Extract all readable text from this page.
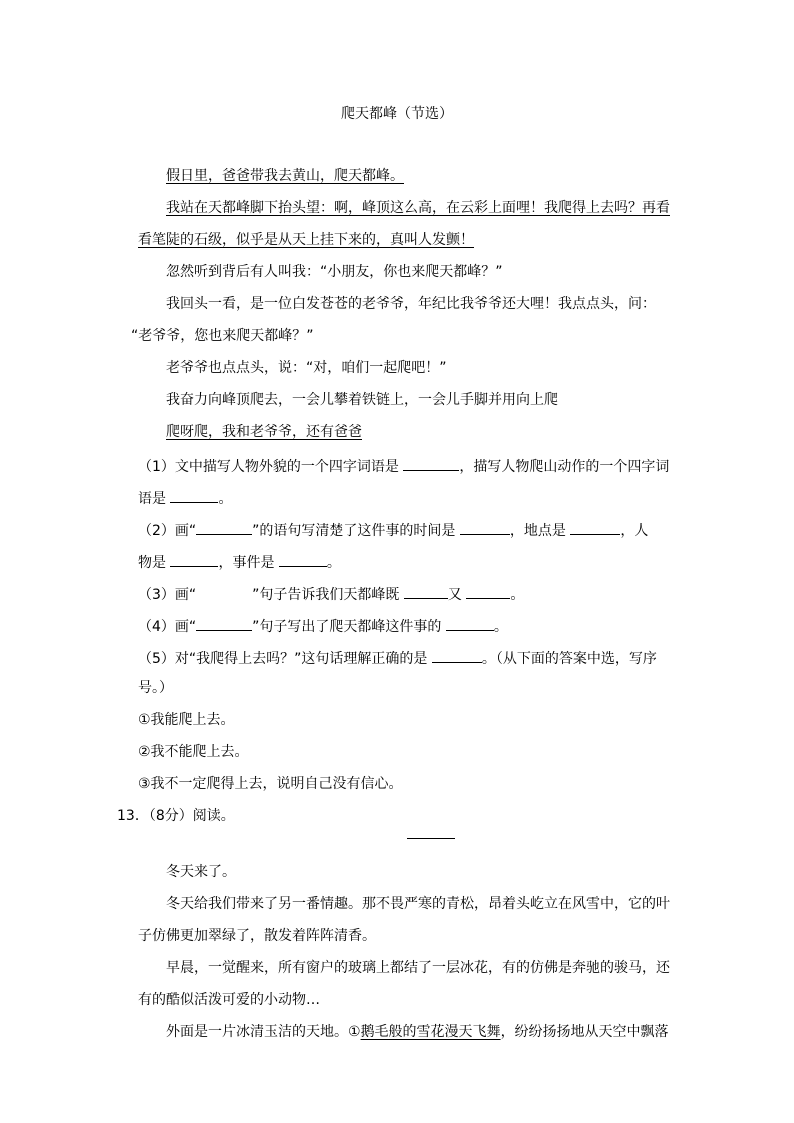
爬天都峰（节选）
假日里，爸爸带我去黄山，爬天都峰。
我站在天都峰脚下抬头望：啊，峰顶这么高，在云彩上面哩！我爬得上去吗？再看
看笔陡的石级，似乎是从天上挂下来的，真叫人发颤！
忽然听到背后有人叫我：“小朋友，你也来爬天都峰？”
我回头一看，是一位白发苍苍的老爷爷，年纪比我爷爷还大哩！我点点头，问：
“老爷爷，您也来爬天都峰？”
老爷爷也点点头，说：“对，咱们一起爬吧！”
我奋力向峰顶爬去，一会儿攀着铁链上，一会儿手脚并用向上爬
爬呀爬，我和老爷爷，还有爸爸
（1）文中描写人物外貌的一个四字词语是	，描写人物爬山动作的一个四字词
语是	。
（2）画“	”的语句写清楚了这件事的时间是	，地点是	，人
物是	，事件是	。
（3）画“	”句子告诉我们天都峰既	又	。
（4）画“	”句子写出了爬天都峰这件事的	。
（5）对“我爬得上去吗？”这句话理解正确的是	。（从下面的答案中选，写序
号。）
①我能爬上去。
②我不能爬上去。
③我不一定爬得上去，说明自己没有信心。
13．（8分）阅读。
冬天来了。
冬天给我们带来了另一番情趣。那不畏严寒的青松，昂着头屹立在风雪中，它的叶
子仿佛更加翠绿了，散发着阵阵清香。
早晨，一觉醒来，所有窗户的玻璃上都结了一层冰花，有的仿佛是奔驰的骏马，还
有的酷似活泼可爱的小动物…
外面是一片冰清玉洁的天地。①鹅毛般的雪花漫天飞舞，纷纷扬扬地从天空中飘落
